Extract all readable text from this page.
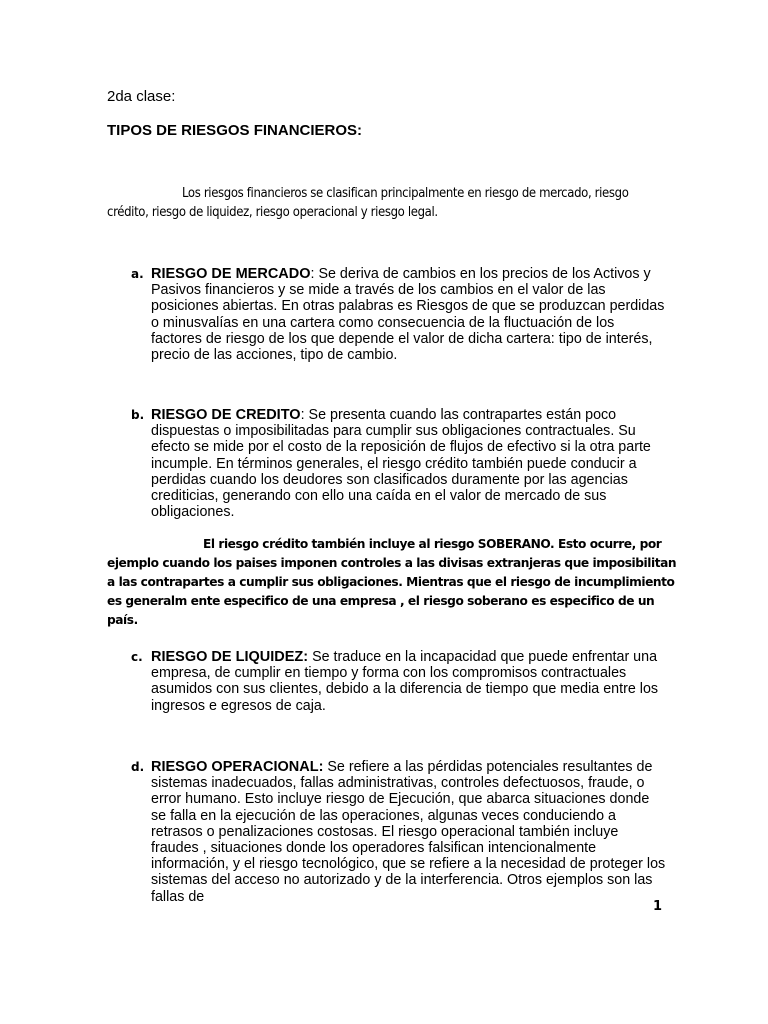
2da clase:
TIPOS DE RIESGOS FINANCIEROS:
Los riesgos financieros se clasifican principalmente en riesgo de mercado, riesgo crédito, riesgo de liquidez, riesgo operacional y riesgo legal.
a. RIESGO DE MERCADO: Se deriva de cambios en los precios de los Activos y Pasivos financieros y se mide a través de los cambios en el valor de las posiciones abiertas. En otras palabras es Riesgos de que se produzcan perdidas o minusvalías en una cartera como consecuencia de la fluctuación de los factores de riesgo de los que depende el valor de dicha cartera: tipo de interés, precio de las acciones, tipo de cambio.
b. RIESGO DE CREDITO: Se presenta cuando las contrapartes están poco dispuestas o imposibilitadas para cumplir sus obligaciones contractuales. Su efecto se mide por el costo de la reposición de flujos de efectivo si la otra parte incumple. En términos generales, el riesgo crédito también puede conducir a perdidas cuando los deudores son clasificados duramente por las agencias crediticias, generando con ello una caída en el valor de mercado de sus obligaciones.
El riesgo crédito también incluye al riesgo SOBERANO. Esto ocurre, por ejemplo cuando los paises imponen controles a las divisas extranjeras que imposibilitan a las contrapartes a cumplir sus obligaciones. Mientras que el riesgo de incumplimiento es generalm ente especifico de una empresa , el riesgo soberano es especifico de un país.
c. RIESGO DE LIQUIDEZ: Se traduce en la incapacidad que puede enfrentar una empresa, de cumplir en tiempo y forma con los compromisos contractuales asumidos con sus clientes, debido a la diferencia de tiempo que media entre los ingresos e egresos de caja.
d. RIESGO OPERACIONAL: Se refiere a las pérdidas potenciales resultantes de sistemas inadecuados, fallas administrativas, controles defectuosos, fraude, o error humano. Esto incluye riesgo de Ejecución, que abarca situaciones donde se falla en la ejecución de las operaciones, algunas veces conduciendo a retrasos o penalizaciones costosas. El riesgo operacional también incluye fraudes , situaciones donde los operadores falsifican intencionalmente información, y el riesgo tecnológico, que se refiere a la necesidad de proteger los sistemas del acceso no autorizado y de la interferencia. Otros ejemplos son las fallas de
1
